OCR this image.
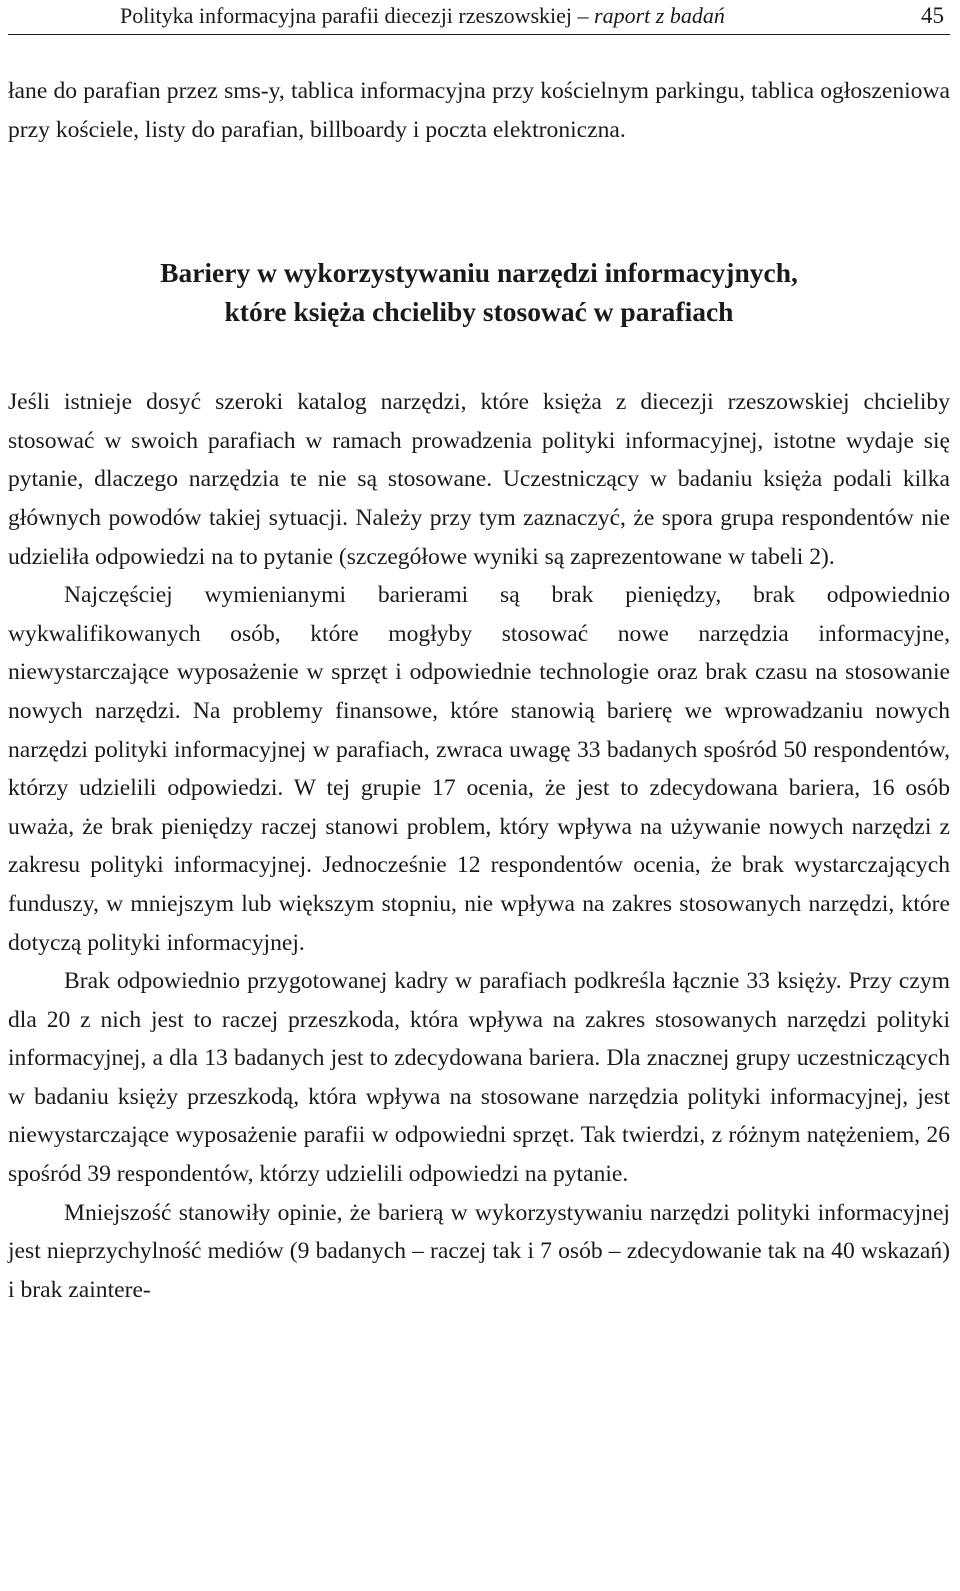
Polityka informacyjna parafii diecezji rzeszowskiej – raport z badań	45

łane do parafian przez sms-y, tablica informacyjna przy kościelnym parkingu, tablica ogłoszeniowa przy kościele, listy do parafian, billboardy i poczta elektroniczna.

Bariery w wykorzystywaniu narzędzi informacyjnych,
które księża chcieliby stosować w parafiach

Jeśli istnieje dosyć szeroki katalog narzędzi, które księża z diecezji rzeszowskiej chcieliby stosować w swoich parafiach w ramach prowadzenia polityki informacyjnej, istotne wydaje się pytanie, dlaczego narzędzia te nie są stosowane. Uczestniczący w badaniu księża podali kilka głównych powodów takiej sytuacji. Należy przy tym zaznaczyć, że spora grupa respondentów nie udzieliła odpowiedzi na to pytanie (szczegółowe wyniki są zaprezentowane w tabeli 2).

Najczęściej wymienianymi barierami są brak pieniędzy, brak odpowiednio wykwalifikowanych osób, które mogłyby stosować nowe narzędzia informacyjne, niewystarczające wyposażenie w sprzęt i odpowiednie technologie oraz brak czasu na stosowanie nowych narzędzi. Na problemy finansowe, które stanowią barierę we wprowadzaniu nowych narzędzi polityki informacyjnej w parafiach, zwraca uwagę 33 badanych spośród 50 respondentów, którzy udzielili odpowiedzi. W tej grupie 17 ocenia, że jest to zdecydowana bariera, 16 osób uważa, że brak pieniędzy raczej stanowi problem, który wpływa na używanie nowych narzędzi z zakresu polityki informacyjnej. Jednocześnie 12 respondentów ocenia, że brak wystarczających funduszy, w mniejszym lub większym stopniu, nie wpływa na zakres stosowanych narzędzi, które dotyczą polityki informacyjnej.

Brak odpowiednio przygotowanej kadry w parafiach podkreśla łącznie 33 księży. Przy czym dla 20 z nich jest to raczej przeszkoda, która wpływa na zakres stosowanych narzędzi polityki informacyjnej, a dla 13 badanych jest to zdecydowana bariera. Dla znacznej grupy uczestniczących w badaniu księży przeszkodą, która wpływa na stosowane narzędzia polityki informacyjnej, jest niewystarczające wyposażenie parafii w odpowiedni sprzęt. Tak twierdzi, z różnym natężeniem, 26 spośród 39 respondentów, którzy udzielili odpowiedzi na pytanie.

Mniejszość stanowiły opinie, że barierą w wykorzystywaniu narzędzi polityki informacyjnej jest nieprzychylność mediów (9 badanych – raczej tak i 7 osób – zdecydowanie tak na 40 wskazań) i brak zaintere-
